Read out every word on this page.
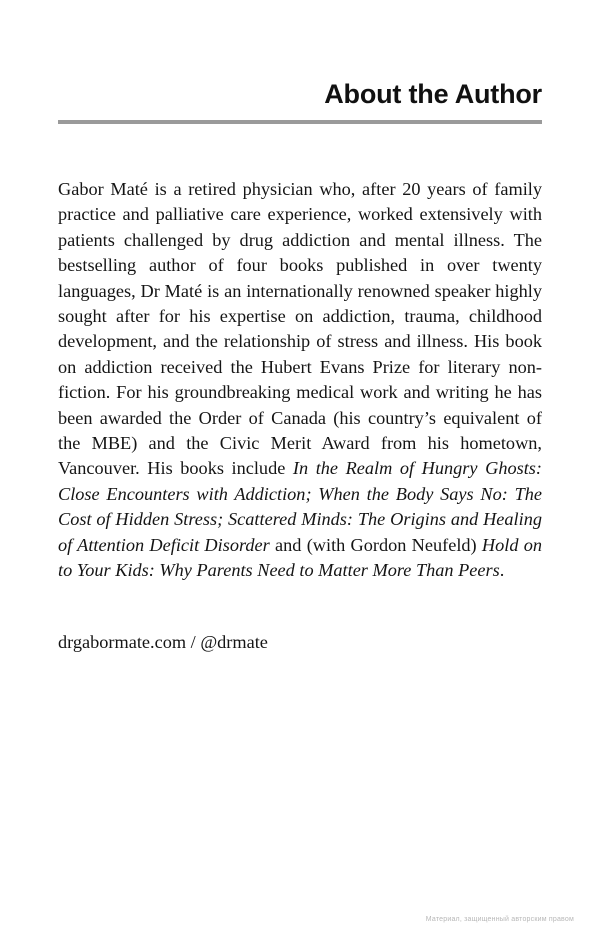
About the Author

Gabor Maté is a retired physician who, after 20 years of family practice and palliative care experience, worked extensively with patients challenged by drug addiction and mental illness. The bestselling author of four books published in over twenty languages, Dr Maté is an internationally renowned speaker highly sought after for his expertise on addiction, trauma, childhood development, and the relationship of stress and illness. His book on addiction received the Hubert Evans Prize for literary non-fiction. For his groundbreaking medical work and writing he has been awarded the Order of Canada (his country’s equivalent of the MBE) and the Civic Merit Award from his hometown, Vancouver. His books include In the Realm of Hungry Ghosts: Close Encounters with Addiction; When the Body Says No: The Cost of Hidden Stress; Scattered Minds: The Origins and Healing of Attention Deficit Disorder and (with Gordon Neufeld) Hold on to Your Kids: Why Parents Need to Matter More Than Peers.

drgabormate.com / @drmate
Материал, защищенный авторским правом
